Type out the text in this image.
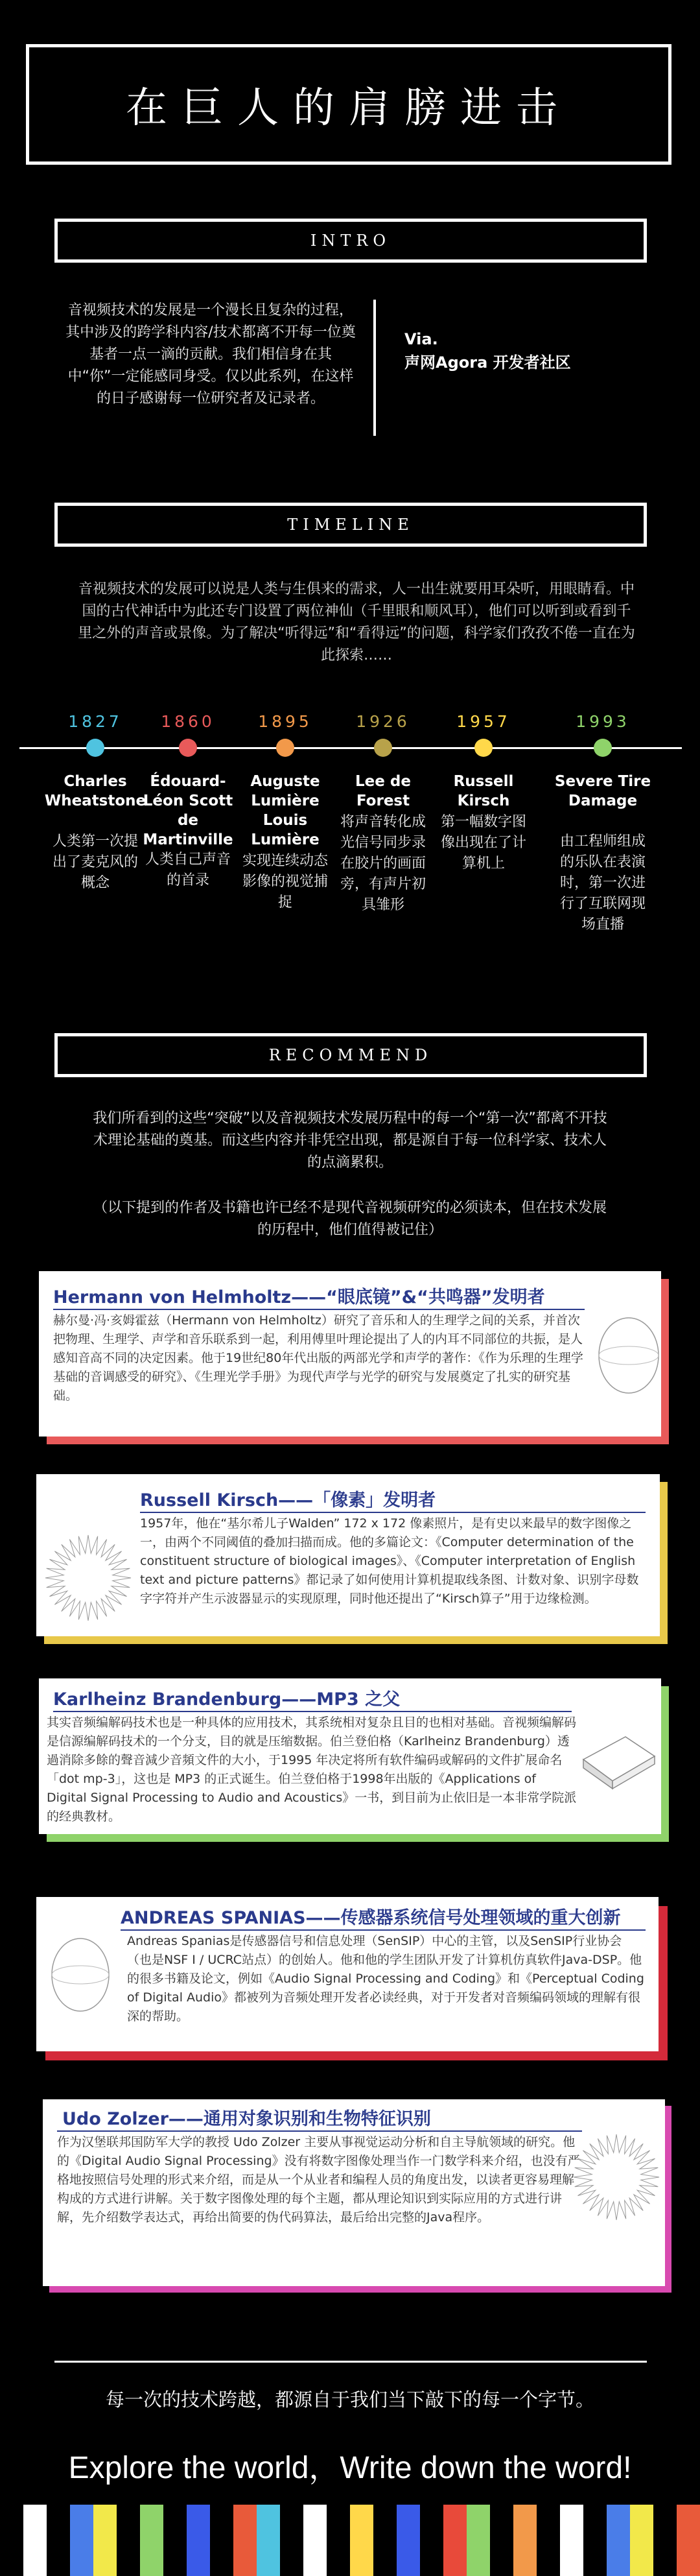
在巨人的肩膀进击
INTRO
音视频技术的发展是一个漫长且复杂的过程，其中涉及的跨学科内容/技术都离不开每一位奠基者一点一滴的贡献。我们相信身在其中“你”一定能感同身受。仅以此系列，在这样的日子感谢每一位研究者及记录者。
Via.
声网Agora 开发者社区
TIMELINE
音视频技术的发展可以说是人类与生俱来的需求，人一出生就要用耳朵听，用眼睛看。中国的古代神话中为此还专门设置了两位神仙（千里眼和顺风耳），他们可以听到或看到千里之外的声音或景像。为了解决“听得远”和“看得远”的问题，科学家们孜孜不倦一直在为此探索……
1827
Charles Wheatstone
人类第一次提出了麦克风的概念
1860
Édouard-Léon Scott de Martinville
人类自己声音的首录
1895
Auguste Lumière Louis Lumière
实现连续动态影像的视觉捕捉
1926
Lee de Forest
将声音转化成光信号同步录在胶片的画面旁，有声片初具雏形
1957
Russell Kirsch
第一幅数字图像出现在了计算机上
1993
Severe Tire Damage
由工程师组成的乐队在表演时，第一次进行了互联网现场直播
RECOMMEND
我们所看到的这些“突破”以及音视频技术发展历程中的每一个“第一次”都离不开技术理论基础的奠基。而这些内容并非凭空出现，都是源自于每一位科学家、技术人的点滴累积。
（以下提到的作者及书籍也许已经不是现代音视频研究的必须读本，但在技术发展的历程中，他们值得被记住）
Hermann von Helmholtz——“眼底镜”&“共鸣器”发明者
赫尔曼·冯·亥姆霍兹（Hermann von Helmholtz）研究了音乐和人的生理学之间的关系，并首次把物理、生理学、声学和音乐联系到一起，利用傅里叶理论提出了人的内耳不同部位的共振，是人感知音高不同的决定因素。他于19世纪80年代出版的两部光学和声学的著作：《作为乐理的生理学基础的音调感受的研究》、《生理光学手册》为现代声学与光学的研究与发展奠定了扎实的研究基础。
Russell Kirsch——「像素」发明者
1957年，他在“基尔希儿子Walden” 172 x 172 像素照片，是有史以来最早的数字图像之一，由两个不同阈值的叠加扫描而成。他的多篇论文：《Computer determination of the constituent structure of biological images》、《Computer interpretation of English text and picture patterns》都记录了如何使用计算机提取线条图、计数对象、识别字母数字字符并产生示波器显示的实现原理，同时他还提出了“Kirsch算子”用于边缘检测。
Karlheinz Brandenburg——MP3 之父
其实音频编解码技术也是一种具体的应用技术，其系统相对复杂且目的也相对基础。音视频编解码是信源编解码技术的一个分支，目的就是压缩数据。伯兰登伯格（Karlheinz Brandenburg）透過消除多餘的聲音減少音頻文件的大小，于1995 年决定将所有软件编码或解码的文件扩展命名「dot mp-3」，这也是 MP3 的正式诞生。伯兰登伯格于1998年出版的《Applications of Digital Signal Processing to Audio and Acoustics》一书，到目前为止依旧是一本非常学院派的经典教材。
ANDREAS SPANIAS——传感器系统信号处理领域的重大创新
Andreas Spanias是传感器信号和信息处理（SenSIP）中心的主管，以及SenSIP行业协会（也是NSF I / UCRC站点）的创始人。他和他的学生团队开发了计算机仿真软件Java-DSP。他的很多书籍及论文，例如《Audio Signal Processing and Coding》和《Perceptual Coding of Digital Audio》都被列为音频处理开发者必读经典，对于开发者对音频编码领域的理解有很深的帮助。
Udo Zolzer——通用对象识别和生物特征识别
作为汉堡联邦国防军大学的教授 Udo Zolzer 主要从事视觉运动分析和自主导航领域的研究。他的《Digital Audio Signal Processing》没有将数字图像处理当作一门数学科来介绍，也没有严格地按照信号处理的形式来介绍，而是从一个从业者和编程人员的角度出发，以读者更容易理解构成的方式进行讲解。关于数字图像处理的每个主题，都从理论知识到实际应用的方式进行讲解，先介绍数学表达式，再给出简要的伪代码算法，最后给出完整的Java程序。
每一次的技术跨越，都源自于我们当下敲下的每一个字节。
Explore the world，Write down the word!
